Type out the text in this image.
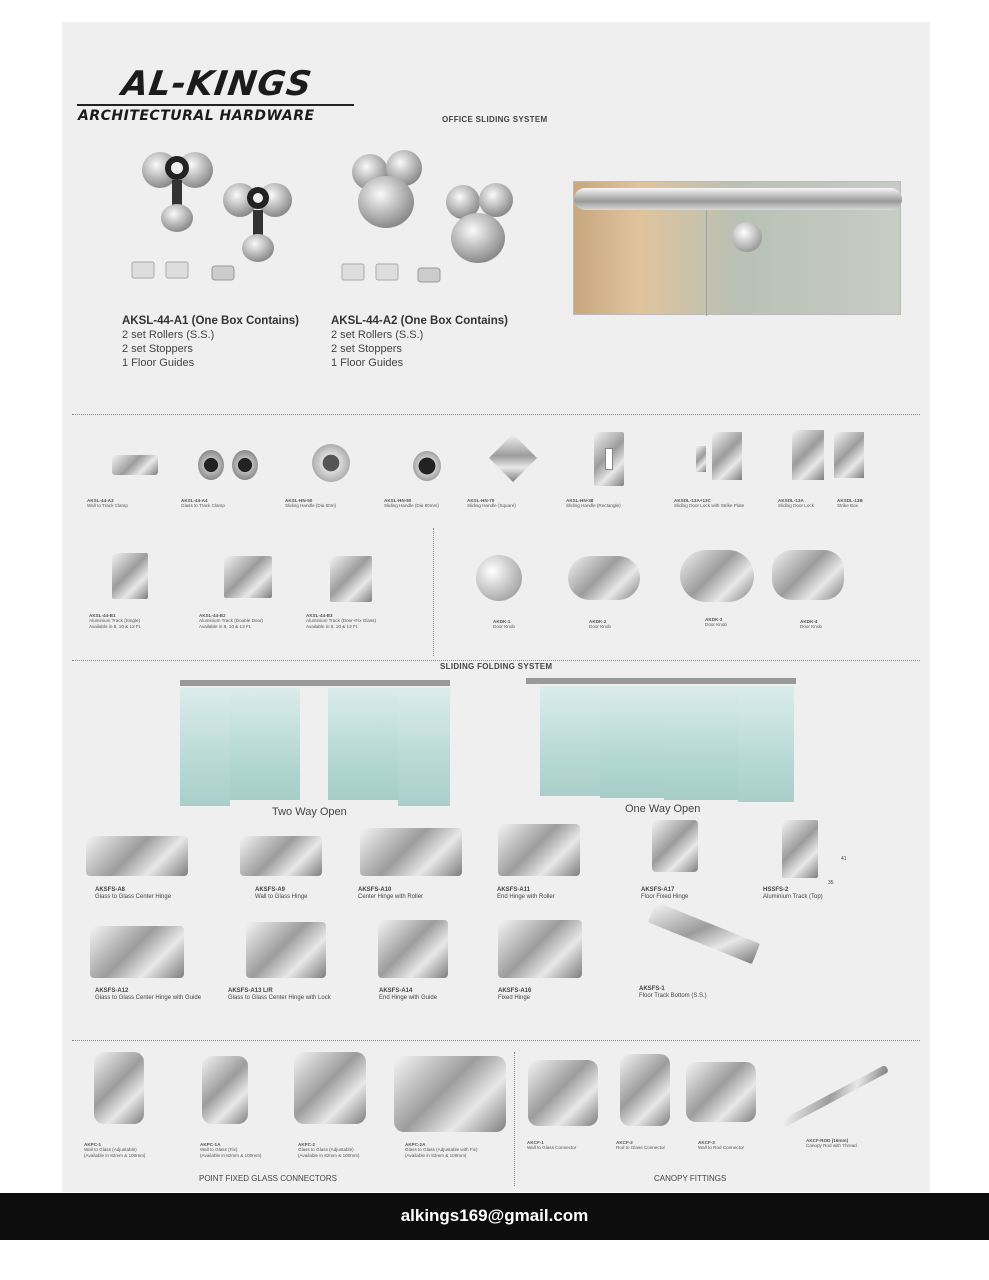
AL-KINGS
ARCHITECTURAL HARDWARE	OFFICE SLIDING SYSTEM
AKSL-44-A1 (One Box Contains)
2 set Rollers (S.S.)
2 set Stoppers
1 Floor Guides
AKSL-44-A2 (One Box Contains)
2 set Rollers (S.S.)
2 set Stoppers
1 Floor Guides
AKSL-44-A3
Wall to Track Clamp
AKSL-44-A4
Glass to Track Clamp
AKSL-HN-50
Sliding Handle (Dia 50m)
AKSL-HN-80
Sliding Handle (Dia 80mm)
AKSL-HN-70
Sliding Handle (Square)
AKSL-HN-38
Sliding Handle (Rectangle)
AKSDL-13A+13C
Sliding Door Lock with Strike Plate
AKSDL-13A
Sliding Door Lock
AKSDL-13B
Strike Box
AKSL-44-B1
Aluminium Track (Single)
Available in 8, 10 & 12 Ft.
AKSL-44-B2
Aluminium Track (Double Door)
Available in 8, 10 & 13 Ft.
AKSL-44-B3
Aluminium Track (Door+Fix Glass)
Available in 8, 10 & 13 Ft.
AKDK-1
Door Knob
AKDK-2
Door Knob
AKDK-3
Door Knob
AKDK-4
Door Knob
SLIDING FOLDING SYSTEM
Two Way Open	One Way Open
41
35
AKSFS-A8
Glass to Glass Center Hinge
AKSFS-A9
Wall to Glass Hinge
AKSFS-A10
Center Hinge with Roller
AKSFS-A11
End Hinge with Roller
AKSFS-A17
Floor Fixed Hinge
HSSFS-2
Aluminium Track (Top)
AKSFS-A12
Glass to Glass Center Hinge with Guide
AKSFS-A13 L/R
Glass to Glass Center Hinge with Lock
AKSFS-A14
End Hinge with Guide
AKSFS-A16
Fixed Hinge
AKSFS-1
Floor Track Bottom (S.S.)
AKPC-1
Wall to Glass (Adjustable)
(Available in 82mm & 100mm)
AKPC-1A
Wall to Glass (Fix)
(Available in 82mm & 100mm)
AKPC-2
Glass to Glass (Adjustable)
(Available in 82mm & 100mm)
AKPC-2A
Glass to Glass (Adjustable with Fix)
(Available in 82mm & 100mm)
POINT FIXED GLASS CONNECTORS
AKCF-1
Wall to Glass Connector
AKCF-2
Rod to Glass Connector
AKCF-3
Wall to Rod Connector
AKCF-ROD (16mm)
Canopy Rod with Thread
CANOPY FITTINGS
alkings169@gmail.com
